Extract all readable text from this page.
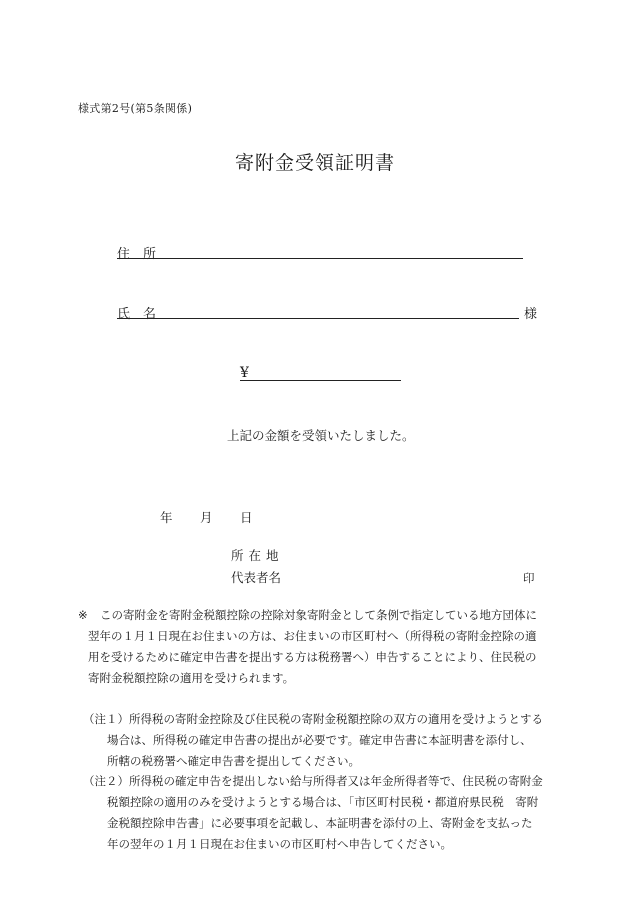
様式第2号(第5条関係)
寄附金受領証明書
住　所
氏　名	様
¥
上記の金額を受領いたしました。
年 月 日
所 在 地
代表者名	印
※ この寄附金を寄附金税額控除の控除対象寄附金として条例で指定している地方団体に
翌年の１月１日現在お住まいの方は、お住まいの市区町村へ（所得税の寄附金控除の適
用を受けるために確定申告書を提出する方は税務署へ）申告することにより、住民税の
寄附金税額控除の適用を受けられます。
（注１）所得税の寄附金控除及び住民税の寄附金税額控除の双方の適用を受けようとする
場合は、所得税の確定申告書の提出が必要です。確定申告書に本証明書を添付し、
所轄の税務署へ確定申告書を提出してください。
（注２）所得税の確定申告を提出しない給与所得者又は年金所得者等で、住民税の寄附金
税額控除の適用のみを受けようとする場合は、「市区町村民税・都道府県民税　寄附
金税額控除申告書」に必要事項を記載し、本証明書を添付の上、寄附金を支払った
年の翌年の１月１日現在お住まいの市区町村へ申告してください。
